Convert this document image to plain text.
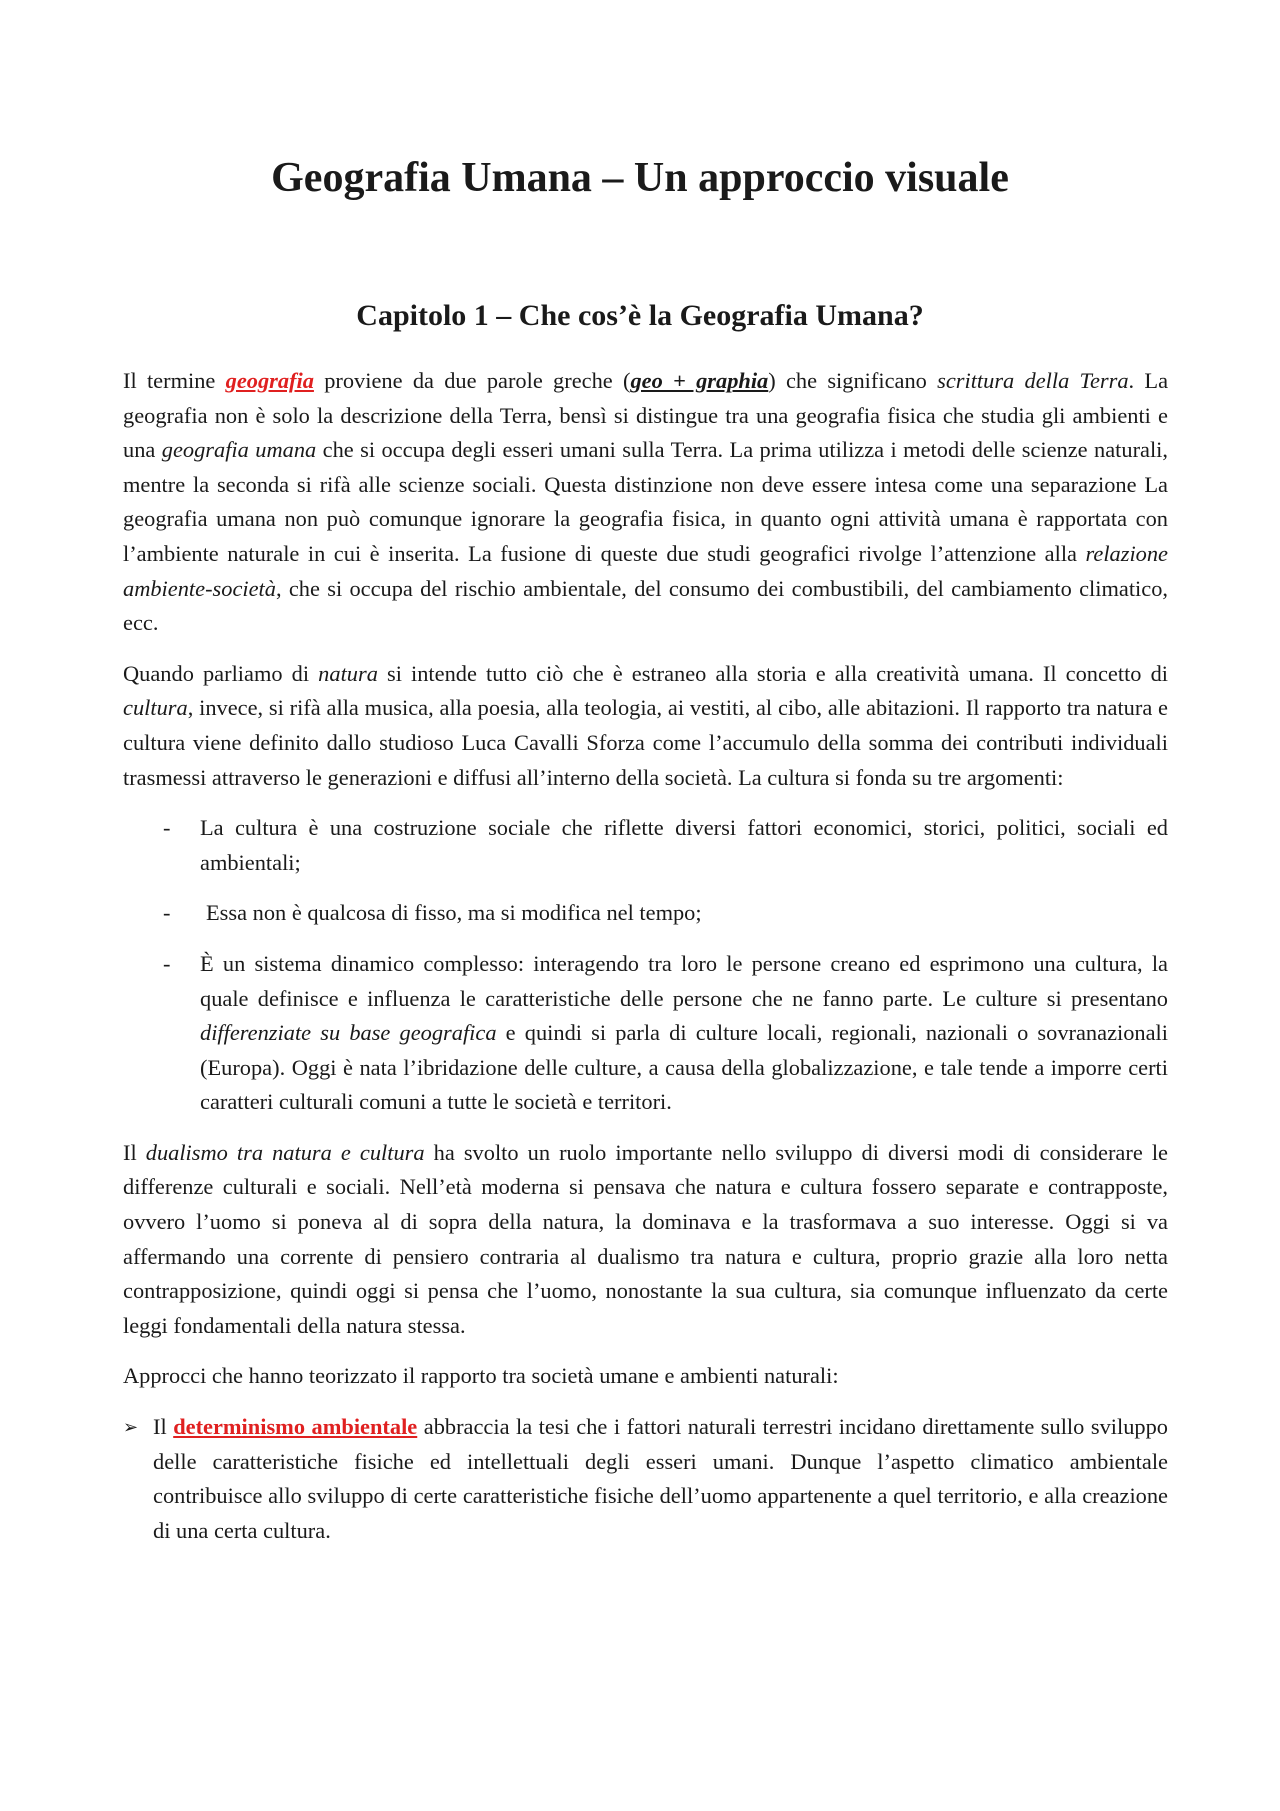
Geografia Umana – Un approccio visuale
Capitolo 1 – Che cos’è la Geografia Umana?

Il termine geografia proviene da due parole greche (geo + graphia) che significano scrittura della Terra. La geografia non è solo la descrizione della Terra, bensì si distingue tra una geografia fisica che studia gli ambienti e una geografia umana che si occupa degli esseri umani sulla Terra. La prima utilizza i metodi delle scienze naturali, mentre la seconda si rifà alle scienze sociali. Questa distinzione non deve essere intesa come una separazione La geografia umana non può comunque ignorare la geografia fisica, in quanto ogni attività umana è rapportata con l’ambiente naturale in cui è inserita. La fusione di queste due studi geografici rivolge l’attenzione alla relazione ambiente-società, che si occupa del rischio ambientale, del consumo dei combustibili, del cambiamento climatico, ecc.

Quando parliamo di natura si intende tutto ciò che è estraneo alla storia e alla creatività umana. Il concetto di cultura, invece, si rifà alla musica, alla poesia, alla teologia, ai vestiti, al cibo, alle abitazioni. Il rapporto tra natura e cultura viene definito dallo studioso Luca Cavalli Sforza come l’accumulo della somma dei contributi individuali trasmessi attraverso le generazioni e diffusi all’interno della società. La cultura si fonda su tre argomenti:

- La cultura è una costruzione sociale che riflette diversi fattori economici, storici, politici, sociali ed ambientali;
- Essa non è qualcosa di fisso, ma si modifica nel tempo;
- È un sistema dinamico complesso: interagendo tra loro le persone creano ed esprimono una cultura, la quale definisce e influenza le caratteristiche delle persone che ne fanno parte. Le culture si presentano differenziate su base geografica e quindi si parla di culture locali, regionali, nazionali o sovranazionali (Europa). Oggi è nata l’ibridazione delle culture, a causa della globalizzazione, e tale tende a imporre certi caratteri culturali comuni a tutte le società e territori.

Il dualismo tra natura e cultura ha svolto un ruolo importante nello sviluppo di diversi modi di considerare le differenze culturali e sociali. Nell’età moderna si pensava che natura e cultura fossero separate e contrapposte, ovvero l’uomo si poneva al di sopra della natura, la dominava e la trasformava a suo interesse. Oggi si va affermando una corrente di pensiero contraria al dualismo tra natura e cultura, proprio grazie alla loro netta contrapposizione, quindi oggi si pensa che l’uomo, nonostante la sua cultura, sia comunque influenzato da certe leggi fondamentali della natura stessa.

Approcci che hanno teorizzato il rapporto tra società umane e ambienti naturali:

➢ Il determinismo ambientale abbraccia la tesi che i fattori naturali terrestri incidano direttamente sullo sviluppo delle caratteristiche fisiche ed intellettuali degli esseri umani. Dunque l’aspetto climatico ambientale contribuisce allo sviluppo di certe caratteristiche fisiche dell’uomo appartenente a quel territorio, e alla creazione di una certa cultura.
